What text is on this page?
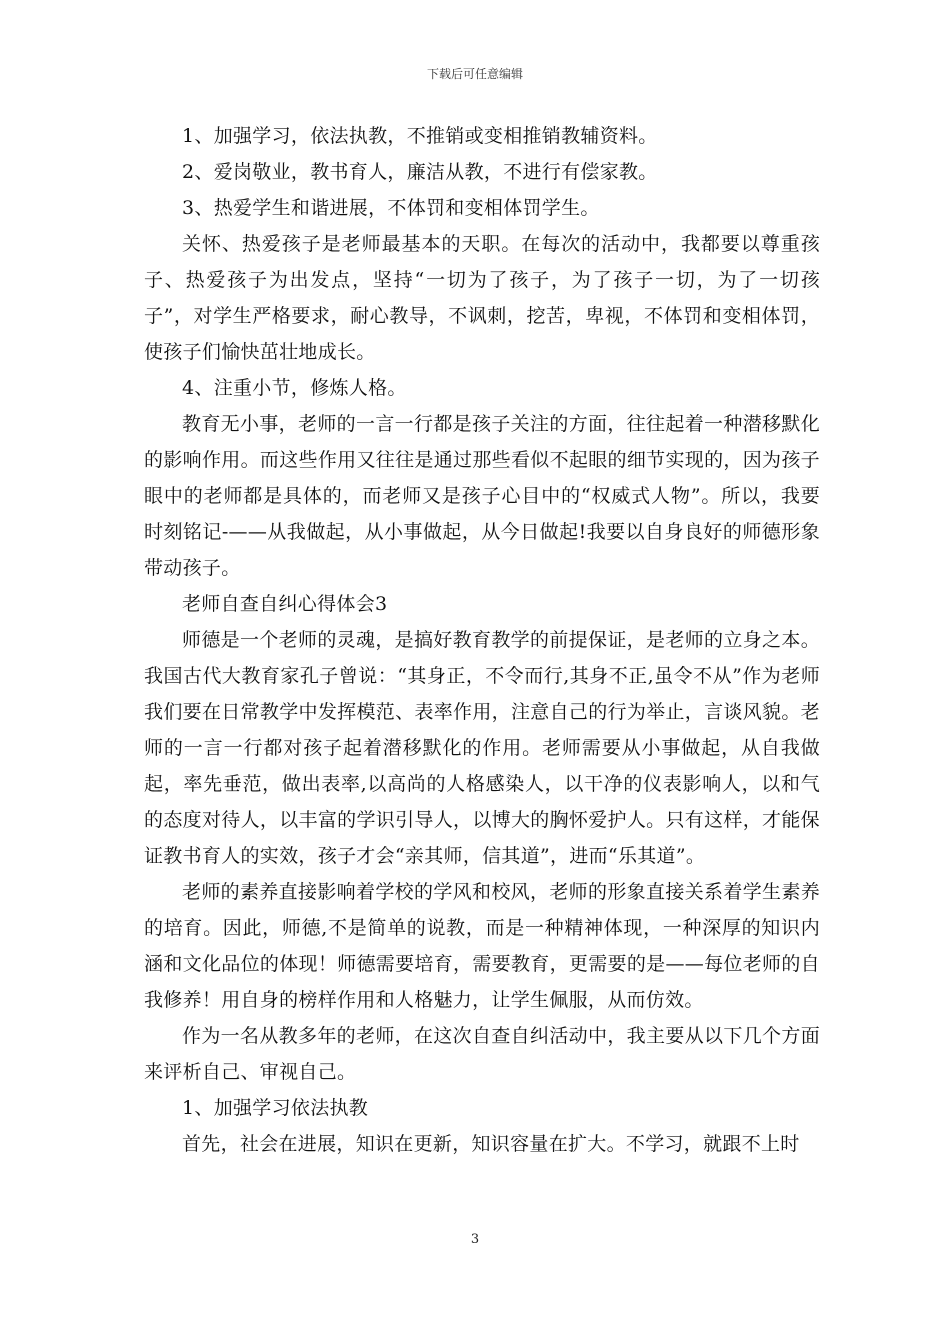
下载后可任意编辑

1、加强学习，依法执教，不推销或变相推销教辅资料。

2、爱岗敬业，教书育人，廉洁从教，不进行有偿家教。

3、热爱学生和谐进展，不体罚和变相体罚学生。

关怀、热爱孩子是老师最基本的天职。在每次的活动中，我都要以尊重孩子、热爱孩子为出发点，坚持“一切为了孩子，为了孩子一切，为了一切孩子”，对学生严格要求，耐心教导，不讽刺，挖苦，卑视，不体罚和变相体罚，使孩子们愉快茁壮地成长。

4、注重小节，修炼人格。

教育无小事，老师的一言一行都是孩子关注的方面，往往起着一种潜移默化的影响作用。而这些作用又往往是通过那些看似不起眼的细节实现的，因为孩子眼中的老师都是具体的，而老师又是孩子心目中的“权威式人物”。所以，我要时刻铭记-——从我做起，从小事做起，从今日做起!我要以自身良好的师德形象带动孩子。

老师自查自纠心得体会3

师德是一个老师的灵魂，是搞好教育教学的前提保证，是老师的立身之本。我国古代大教育家孔子曾说：“其身正，不令而行,其身不正,虽令不从”作为老师我们要在日常教学中发挥模范、表率作用，注意自己的行为举止，言谈风貌。老师的一言一行都对孩子起着潜移默化的作用。老师需要从小事做起，从自我做起，率先垂范，做出表率,以高尚的人格感染人，以干净的仪表影响人，以和气的态度对待人，以丰富的学识引导人，以博大的胸怀爱护人。只有这样，才能保证教书育人的实效，孩子才会“亲其师，信其道”，进而“乐其道”。

老师的素养直接影响着学校的学风和校风，老师的形象直接关系着学生素养的培育。因此，师德,不是简单的说教，而是一种精神体现，一种深厚的知识内涵和文化品位的体现！师德需要培育，需要教育，更需要的是——每位老师的自我修养！用自身的榜样作用和人格魅力，让学生佩服，从而仿效。

作为一名从教多年的老师，在这次自查自纠活动中，我主要从以下几个方面来评析自己、审视自己。

1、加强学习依法执教

首先，社会在进展，知识在更新，知识容量在扩大。不学习，就跟不上时

3
